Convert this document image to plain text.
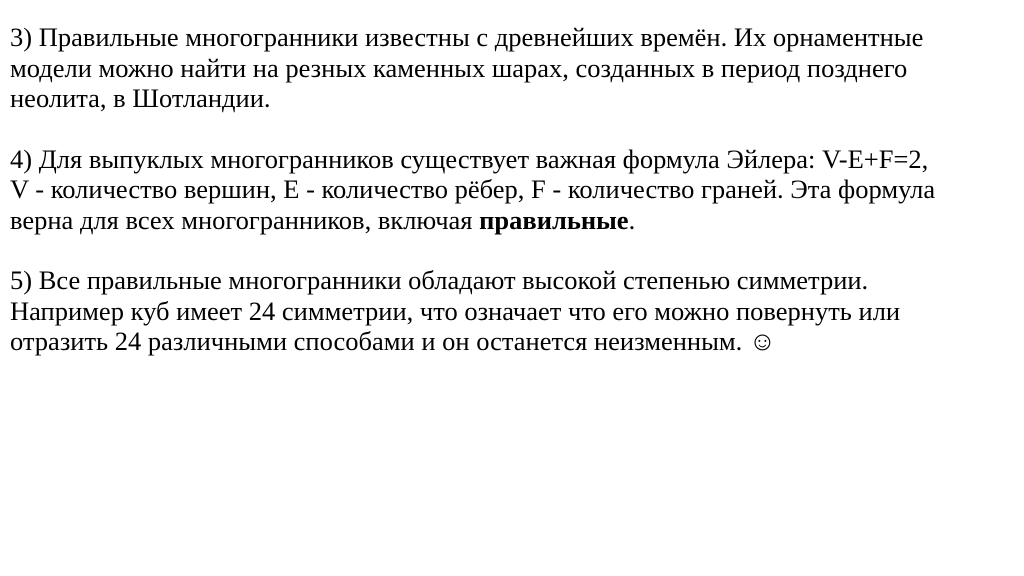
3) Правильные многогранники известны с древнейших времён. Их орнаментные
модели можно найти на резных каменных шарах, созданных в период позднего
неолита, в Шотландии.

4) Для выпуклых многогранников существует важная формула Эйлера: V-E+F=2,
V - количество вершин, E - количество рёбер, F - количество граней. Эта формула
верна для всех многогранников, включая правильные.

5) Все правильные многогранники обладают высокой степенью симметрии.
Например куб имеет 24 симметрии, что означает что его можно повернуть или
отразить 24 различными способами и он останется неизменным. ☺
